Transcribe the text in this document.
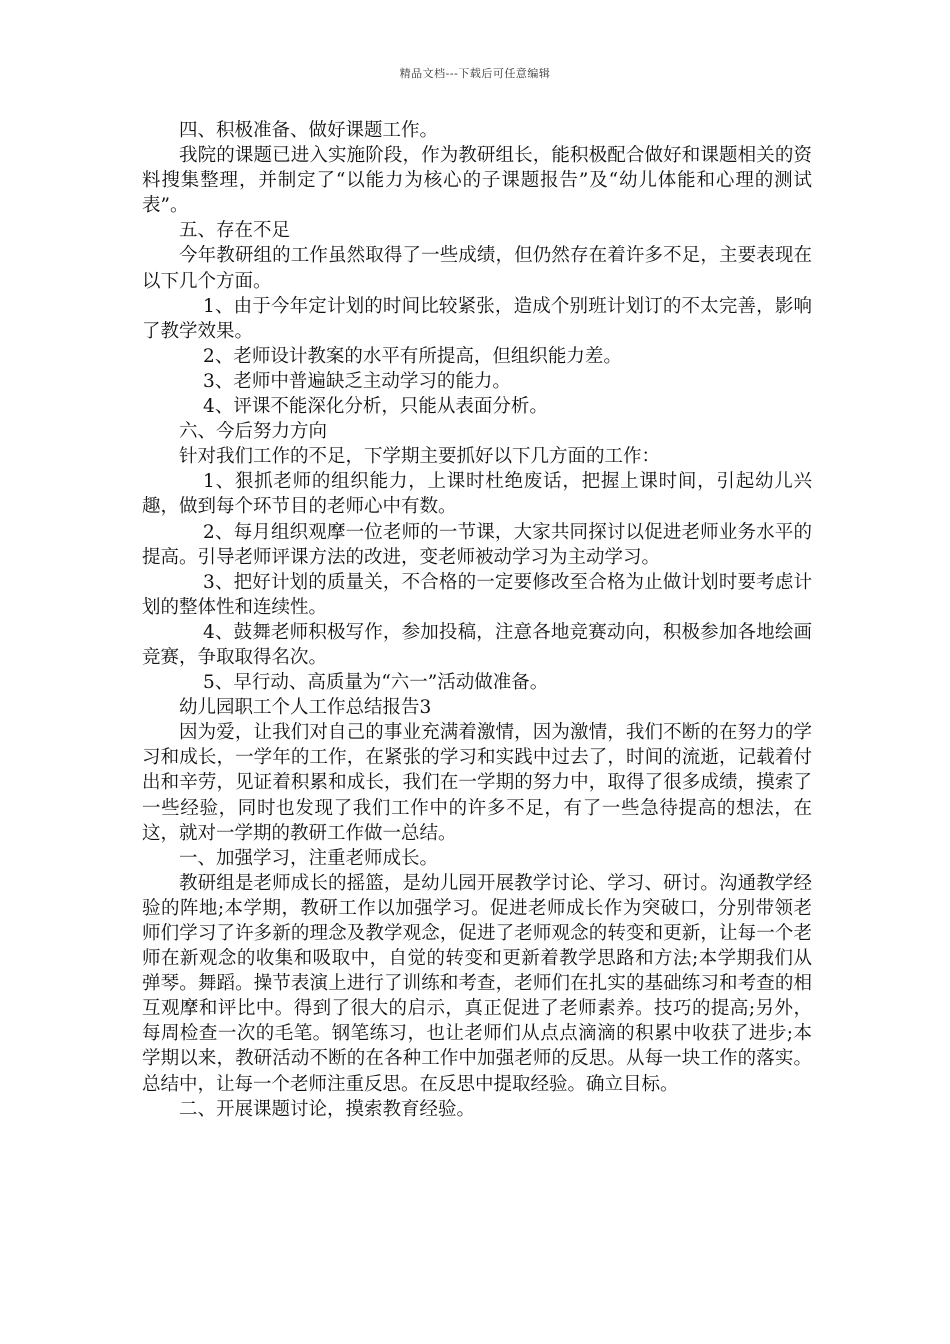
精品文档---下载后可任意编辑

四、积极准备、做好课题工作。

我院的课题已进入实施阶段，作为教研组长，能积极配合做好和课题相关的资料搜集整理，并制定了“以能力为核心的子课题报告”及“幼儿体能和心理的测试表”。

五、存在不足

今年教研组的工作虽然取得了一些成绩，但仍然存在着许多不足，主要表现在以下几个方面。

1、由于今年定计划的时间比较紧张，造成个别班计划订的不太完善，影响了教学效果。

2、老师设计教案的水平有所提高，但组织能力差。

3、老师中普遍缺乏主动学习的能力。

4、评课不能深化分析，只能从表面分析。

六、今后努力方向

针对我们工作的不足，下学期主要抓好以下几方面的工作：

1、狠抓老师的组织能力，上课时杜绝废话，把握上课时间，引起幼儿兴趣，做到每个环节目的老师心中有数。

2、每月组织观摩一位老师的一节课，大家共同探讨以促进老师业务水平的提高。引导老师评课方法的改进，变老师被动学习为主动学习。

3、把好计划的质量关，不合格的一定要修改至合格为止做计划时要考虑计划的整体性和连续性。

4、鼓舞老师积极写作，参加投稿，注意各地竞赛动向，积极参加各地绘画竞赛，争取取得名次。

5、早行动、高质量为“六一”活动做准备。

幼儿园职工个人工作总结报告3

因为爱，让我们对自己的事业充满着激情，因为激情，我们不断的在努力的学习和成长，一学年的工作，在紧张的学习和实践中过去了，时间的流逝，记载着付出和辛劳，见证着积累和成长，我们在一学期的努力中，取得了很多成绩，摸索了一些经验，同时也发现了我们工作中的许多不足，有了一些急待提高的想法，在这，就对一学期的教研工作做一总结。

一、加强学习，注重老师成长。

教研组是老师成长的摇篮，是幼儿园开展教学讨论、学习、研讨。沟通教学经验的阵地;本学期，教研工作以加强学习。促进老师成长作为突破口，分别带领老师们学习了许多新的理念及教学观念，促进了老师观念的转变和更新，让每一个老师在新观念的收集和吸取中，自觉的转变和更新着教学思路和方法;本学期我们从弹琴。舞蹈。操节表演上进行了训练和考查，老师们在扎实的基础练习和考查的相互观摩和评比中。得到了很大的启示，真正促进了老师素养。技巧的提高;另外，每周检查一次的毛笔。钢笔练习，也让老师们从点点滴滴的积累中收获了进步;本学期以来，教研活动不断的在各种工作中加强老师的反思。从每一块工作的落实。总结中，让每一个老师注重反思。在反思中提取经验。确立目标。

二、开展课题讨论，摸索教育经验。
